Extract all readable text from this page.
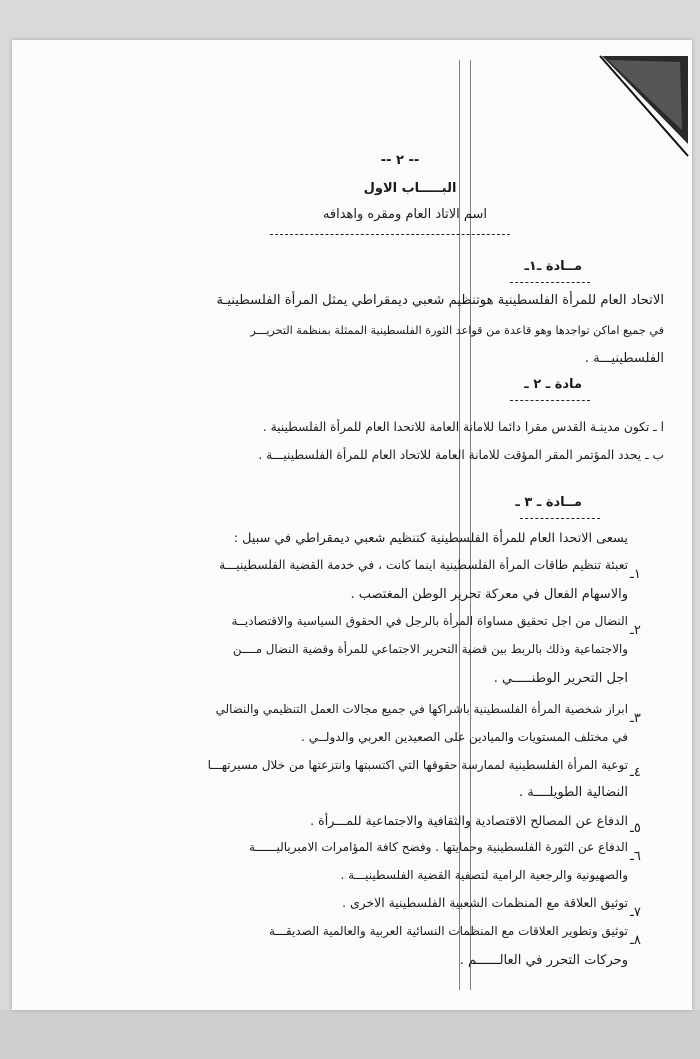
-- ٢ --
البـــــاب الاول
اسم الاتاد العام ومقره واهدافه
مــادة ـ١ـ
الاتحاد العام للمرأة الفلسطينية هوتنظيم شعبي ديمقراطي يمثل المرأة الفلسطينيـة
في جميع اماكن تواجدها وهو قاعدة من قواعد الثورة الفلسطينية الممثلة بمنظمة التحريـــر
الفلسطينيـــة .
مادة ـ ٢ ـ
ا ـ تكون مدينـة القدس مقرا دائما للامانة العامة للاتحدا العام للمرأة الفلسطينية .
ب ـ يحدد المؤتمر المقر المؤقت للامانة العامة للاتحاد العام للمرأة الفلسطينيـــة .
مــادة ـ ٣ ـ
يسعى الاتحدا العام للمرأة الفلسطينية كتنظيم شعبي ديمقراطي في سبيل :
١ـ
تعبئة تنظيم طاقات المرأة الفلسطينية اينما كانت ، في خدمة القضية الفلسطينيـــة
والاسهام الفعال في معركة تحرير الوطن المغتصب .
٢ـ
النضال من اجل تحقيق مساواة المرأة بالرجل في الحقوق السياسية والاقتصاديــة
والاجتماعية وذلك بالربط بين قضية التحرير الاجتماعي للمرأة وقضية النضال مــــن
اجل التحرير الوطنـــــي .
٣ـ
ابراز شخصية المرأة الفلسطينية باشراكها في جميع مجالات العمل التنظيمي والنضالي
في مختلف المستويات والميادين على الصعيدين العربي والدولــي .
٤ـ
توعية المرأة الفلسطينية لممارسة حقوقها التي اكتسبتها وانتزعتها من خلال مسيرتهـــا
النضالية الطويلــــة .
٥ـ
الدفاع عن المصالح الاقتصادية والثقافية والاجتماعية للمـــرأة .
٦ـ
الدفاع عن الثورة الفلسطينية وحمايتها . وفضح كافة المؤامرات الامبرياليــــــة
والصهيونية والرجعية الرامية لتصفية القضية الفلسطينيـــة .
٧ـ
توثيق العلاقة مع المنظمات الشعبية الفلسطينية الاخرى .
٨ـ
توثيق وتطوير العلاقات مع المنظمات النسائية العربية والعالمية الصديقـــة
وحركات التحرر في العالــــــم .
